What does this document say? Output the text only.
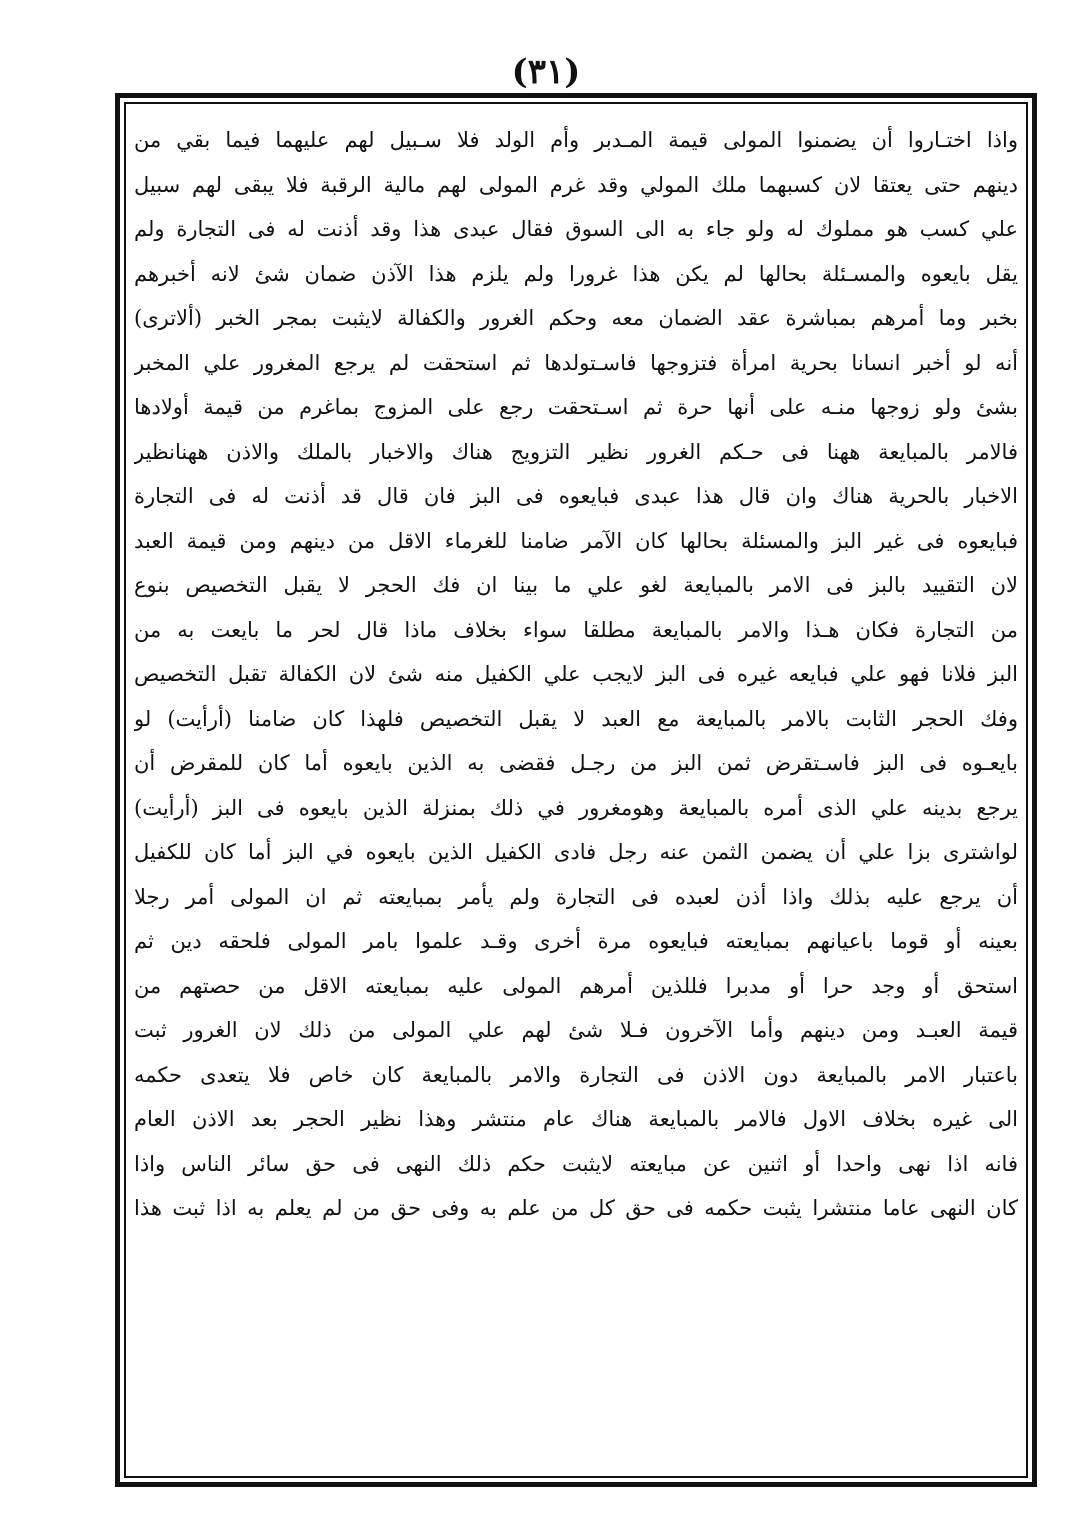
(٣١)
واذا اختـاروا أن يضمنوا المولى قيمة المـدبر وأم الولد فلا سـبيل لهم عليهما فيما بقي من
دينهم حتى يعتقا لان كسبهما ملك المولي وقد غرم المولى لهم مالية الرقبة فلا يبقى لهم سبيل
علي كسب هو مملوك له ولو جاء به الى السوق فقال عبدى هذا وقد أذنت له فى التجارة ولم
يقل بايعوه والمسـئلة بحالها لم يكن هذا غرورا ولم يلزم هذا الآذن ضمان شئ لانه أخبرهم
بخبر وما أمرهم بمباشرة عقد الضمان معه وحكم الغرور والكفالة لايثبت بمجر الخبر (ألاترى)
أنه لو أخبر انسانا بحرية امرأة فتزوجها فاسـتولدها ثم استحقت لم يرجع المغرور علي المخبر
بشئ ولو زوجها منـه على أنها حرة ثم اسـتحقت رجع على المزوج بماغرم من قيمة أولادها
فالامر بالمبايعة ههنا فى حـكم الغرور نظير التزويج هناك والاخبار بالملك والاذن ههنانظير
الاخبار بالحرية هناك وان قال هذا عبدى فبايعوه فى البز فان قال قد أذنت له فى التجارة
فبايعوه فى غير البز والمسئلة بحالها كان الآمر ضامنا للغرماء الاقل من دينهم ومن قيمة العبد
لان التقييد بالبز فى الامر بالمبايعة لغو علي ما بينا ان فك الحجر لا يقبل التخصيص بنوع
من التجارة فكان هـذا والامر بالمبايعة مطلقا سواء بخلاف ماذا قال لحر ما بايعت به من
البز فلانا فهو علي فبايعه غيره فى البز لايجب علي الكفيل منه شئ لان الكفالة تقبل التخصيص
وفك الحجر الثابت بالامر بالمبايعة مع العبد لا يقبل التخصيص فلهذا كان ضامنا (أرأيت) لو
بايعـوه فى البز فاسـتقرض ثمن البز من رجـل فقضى به الذين بايعوه أما كان للمقرض أن
يرجع بدينه علي الذى أمره بالمبايعة وهومغرور في ذلك بمنزلة الذين بايعوه فى البز (أرأيت)
لواشترى بزا علي أن يضمن الثمن عنه رجل فادى الكفيل الذين بايعوه في البز أما كان للكفيل
أن يرجع عليه بذلك واذا أذن لعبده فى التجارة ولم يأمر بمبايعته ثم ان المولى أمر رجلا
بعينه أو قوما باعيانهم بمبايعته فبايعوه مرة أخرى وقـد علموا بامر المولى فلحقه دين ثم
استحق أو وجد حرا أو مدبرا فللذين أمرهم المولى عليه بمبايعته الاقل من حصتهم من
قيمة العبـد ومن دينهم وأما الآخرون فـلا شئ لهم علي المولى من ذلك لان الغرور ثبت
باعتبار الامر بالمبايعة دون الاذن فى التجارة والامر بالمبايعة كان خاص فلا يتعدى حكمه
الى غيره بخلاف الاول فالامر بالمبايعة هناك عام منتشر وهذا نظير الحجر بعد الاذن العام
فانه اذا نهى واحدا أو اثنين عن مبايعته لايثبت حكم ذلك النهى فى حق سائر الناس واذا
كان النهى عاما منتشرا يثبت حكمه فى حق كل من علم به وفى حق من لم يعلم به اذا ثبت هذا
